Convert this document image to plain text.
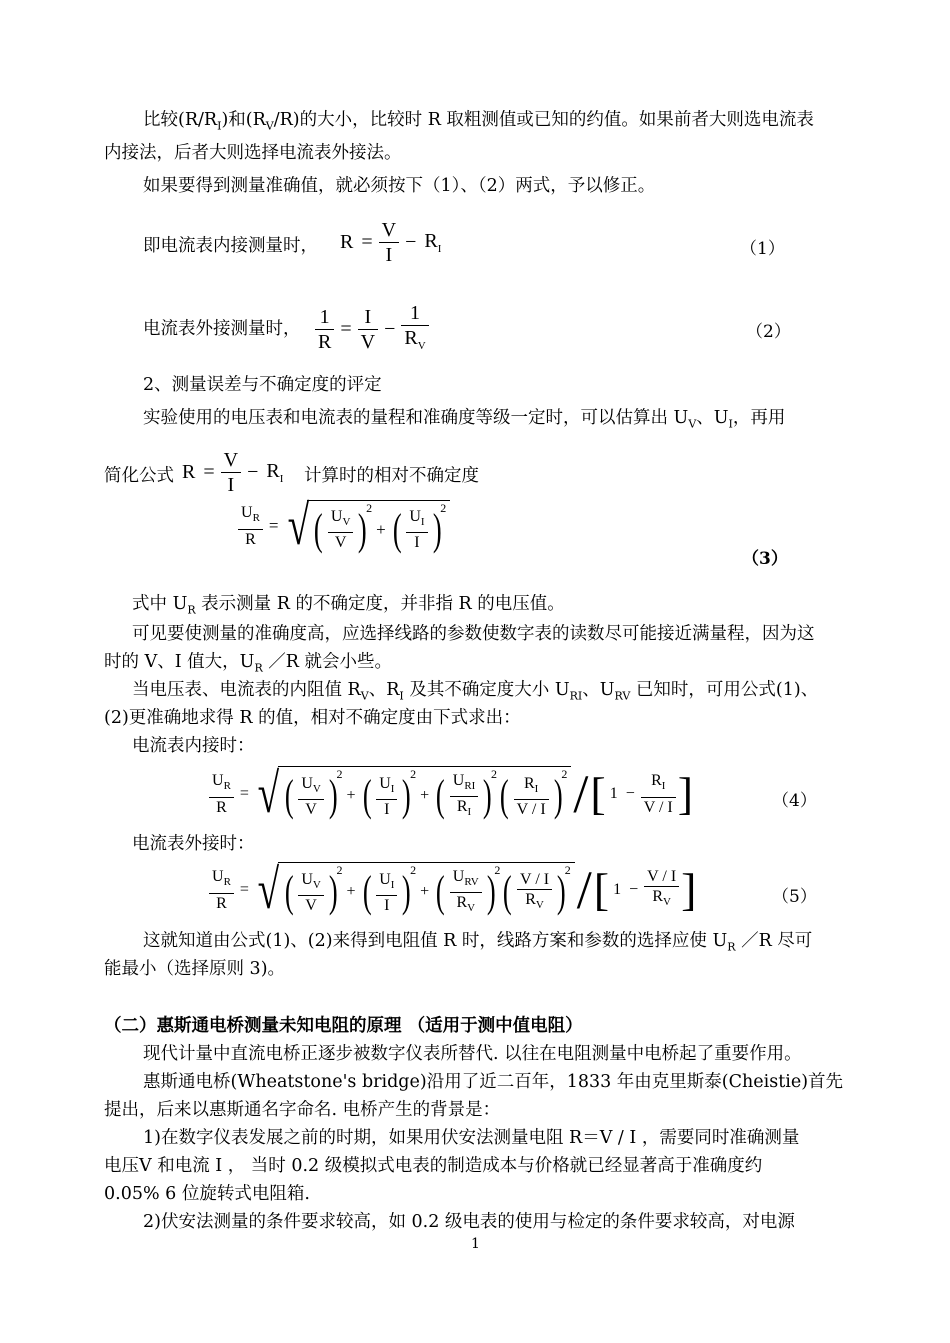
比较$(R/R_I)$和$(R_V/R)$的大小，比较时 R 取粗测值或已知的约值。如果前者大则选电流表
内接法，后者大则选择电流表外接法。
如果要得到测量准确值，就必须按下（1）、（2）两式，予以修正。
即电流表内接测量时， $R = \frac{V}{I} - R_I$	（1）
电流表外接测量时， $\frac{1}{R} = \frac{I}{V} - \frac{1}{R_V}$	（2）
2、测量误差与不确定度的评定
实验使用的电压表和电流表的量程和准确度等级一定时，可以估算出 $U_V$、$U_I$，再用
简化公式 $R = \frac{V}{I} - R_I$ 计算时的相对不确定度
$\frac{U_R}{R}$ = √ ( $\frac{U_V}{V} )^2+$ ( $\frac{U_I}{I} )^2$
（3）
式中 $U_R$ 表示测量 R 的不确定度，并非指 R 的电压值。
可见要使测量的准确度高，应选择线路的参数使数字表的读数尽可能接近满量程，因为这
时的 V、I 值大，$U_R$ ／R 就会小些。
当电压表、电流表的内阻值 $R_V$、$R_I$ 及其不确定度大小 $U_{RI}$、$U_{RV}$ 已知时，可用公式(1)、
(2)更准确地求得 R 的值，相对不确定度由下式求出：
电流表内接时：
$\frac{U_R}{R}$ = √ ( $\frac{U_V}{V} )^2+$ ( $\frac{U_I}{I} )^2+$ ( $\frac{U_{RI}}{R_I} )^2( \frac{R_I}{V / I} )^2$ /[ $1 - \frac{R_I}{V / I}$ ]	（4）
电流表外接时：
$\frac{U_R}{R}$ = √ ( $\frac{U_V}{V} )^2+$ ( $\frac{U_I}{I} )^2+$ ( $\frac{U_{RV}}{R_V} )^2( \frac{V / I}{R_V} )^2$ /[ $1 - \frac{V / I}{R_V}$ ]	（5）
这就知道由公式(1)、(2)来得到电阻值 R 时，线路方案和参数的选择应使 $U_R$ ／R 尽可
能最小（选择原则 3)。
（二）惠斯通电桥测量未知电阻的原理 （适用于测中值电阻）
现代计量中直流电桥正逐步被数字仪表所替代. 以往在电阻测量中电桥起了重要作用。
惠斯通电桥(Wheatstone's bridge)沿用了近二百年，1833 年由克里斯泰(Cheistie)首先
提出，后来以惠斯通名字命名. 电桥产生的背景是：
1)在数字仪表发展之前的时期，如果用伏安法测量电阻 R＝V / I ，需要同时准确测量
电压V 和电流 I ， 当时 0.2 级模拟式电表的制造成本与价格就已经显著高于准确度约
0.05% 6 位旋转式电阻箱.
2)伏安法测量的条件要求较高，如 0.2 级电表的使用与检定的条件要求较高，对电源
1
